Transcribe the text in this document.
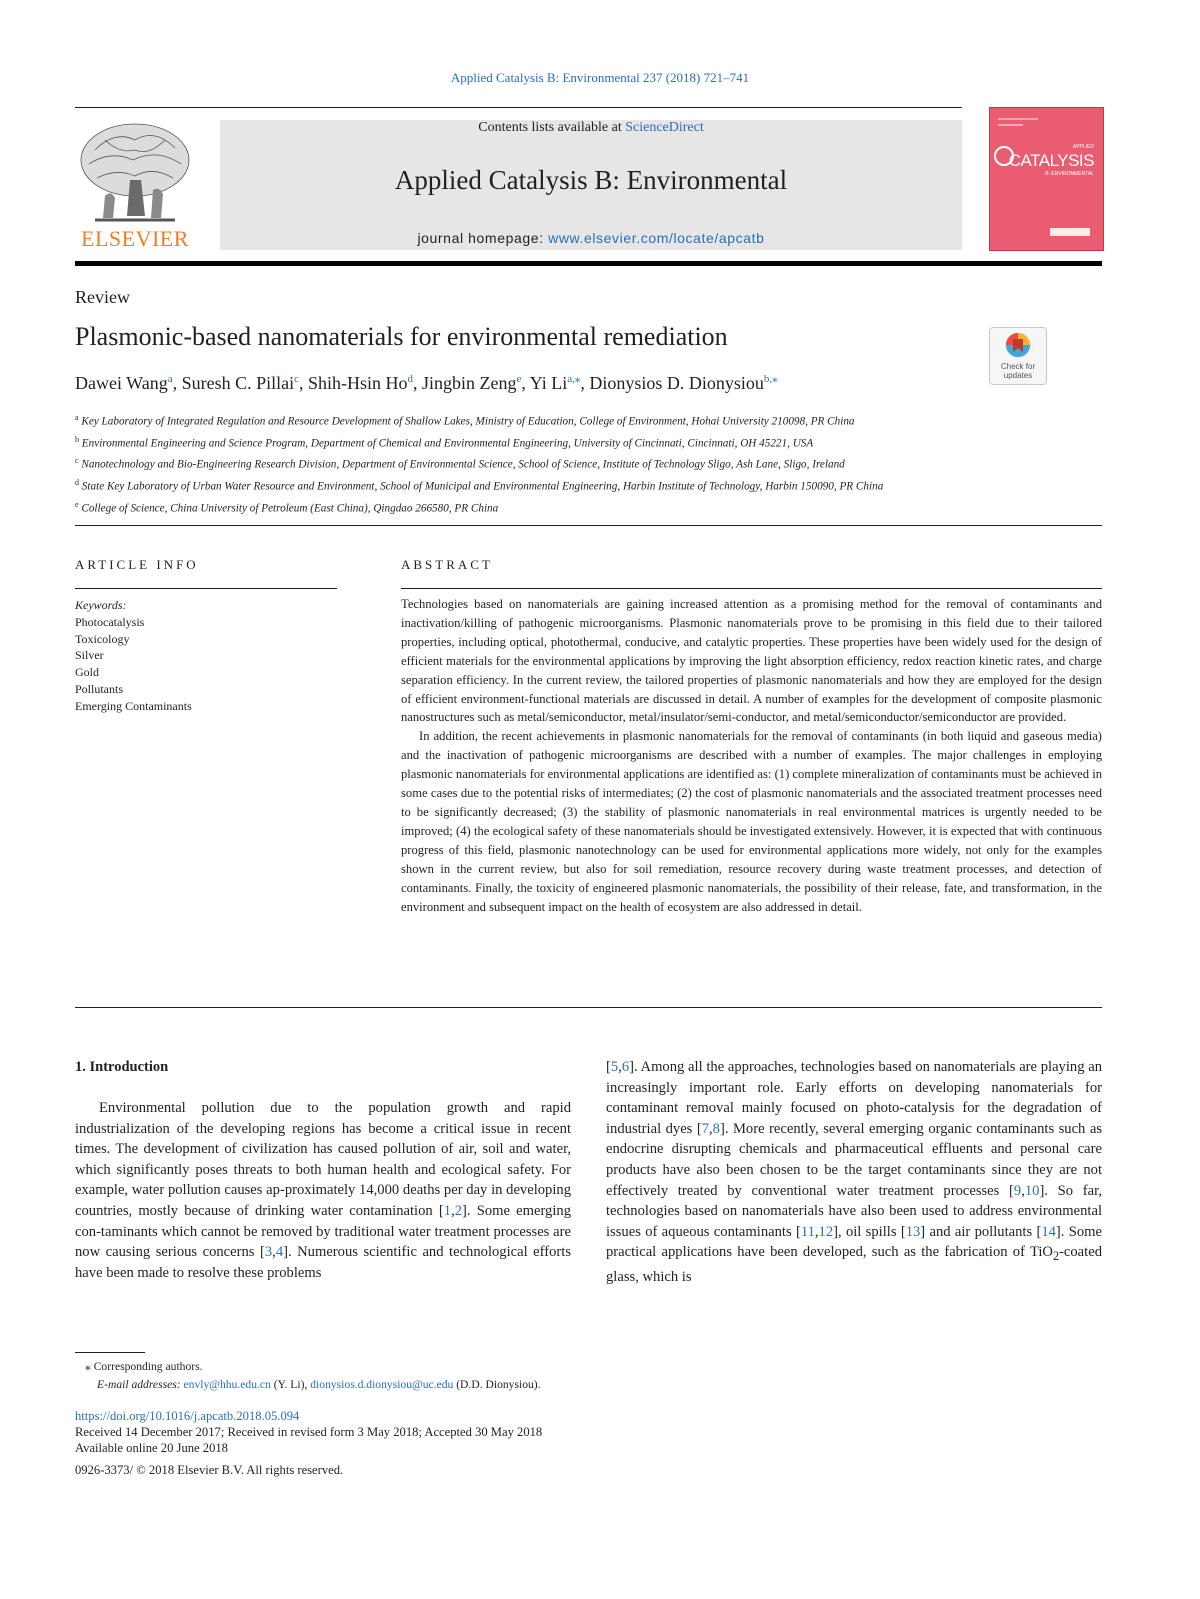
Applied Catalysis B: Environmental 237 (2018) 721–741
ELSEVIER
Contents lists available at ScienceDirect
Applied Catalysis B: Environmental
journal homepage: www.elsevier.com/locate/apcatb
APPLIED
CATALYSIS
B: ENVIRONMENTAL
Review
Plasmonic-based nanomaterials for environmental remediation
Check for updates
Dawei Wang$^a$, Suresh C. Pillai$^c$, Shih-Hsin Ho$^d$, Jingbin Zeng$^e$, Yi $Li^{a,⁎}$, Dionysios D. Dionysiou$^{b,⁎}$
$^a$ Key Laboratory of Integrated Regulation and Resource Development of Shallow Lakes, Ministry of Education, College of Environment, Hohai University 210098, PR China
$^b$ Environmental Engineering and Science Program, Department of Chemical and Environmental Engineering, University of Cincinnati, Cincinnati, OH 45221, USA
$^c$ Nanotechnology and Bio-Engineering Research Division, Department of Environmental Science, School of Science, Institute of Technology Sligo, Ash Lane, Sligo, Ireland
$^d$ State Key Laboratory of Urban Water Resource and Environment, School of Municipal and Environmental Engineering, Harbin Institute of Technology, Harbin 150090, PR China
$^e$ College of Science, China University of Petroleum (East China), Qingdao 266580, PR China
ARTICLE INFO
Keywords:
Photocatalysis
Toxicology
Silver
Gold
Pollutants
Emerging Contaminants
ABSTRACT

Technologies based on nanomaterials are gaining increased attention as a promising method for the removal of contaminants and inactivation/killing of pathogenic microorganisms. Plasmonic nanomaterials prove to be promising in this field due to their tailored properties, including optical, photothermal, conducive, and catalytic properties. These properties have been widely used for the design of efficient materials for the environmental applications by improving the light absorption efficiency, redox reaction kinetic rates, and charge separation efficiency. In the current review, the tailored properties of plasmonic nanomaterials and how they are employed for the design of efficient environment-functional materials are discussed in detail. A number of examples for the development of composite plasmonic nanostructures such as metal/semiconductor, metal/insulator/semi-conductor, and metal/semiconductor/semiconductor are provided.

In addition, the recent achievements in plasmonic nanomaterials for the removal of contaminants (in both liquid and gaseous media) and the inactivation of pathogenic microorganisms are described with a number of examples. The major challenges in employing plasmonic nanomaterials for environmental applications are identified as: (1) complete mineralization of contaminants must be achieved in some cases due to the potential risks of intermediates; (2) the cost of plasmonic nanomaterials and the associated treatment processes need to be significantly decreased; (3) the stability of plasmonic nanomaterials in real environmental matrices is urgently needed to be improved; (4) the ecological safety of these nanomaterials should be investigated extensively. However, it is expected that with continuous progress of this field, plasmonic nanotechnology can be used for environmental applications more widely, not only for the examples shown in the current review, but also for soil remediation, resource recovery during waste treatment processes, and detection of contaminants. Finally, the toxicity of engineered plasmonic nanomaterials, the possibility of their release, fate, and transformation, in the environment and subsequent impact on the health of ecosystem are also addressed in detail.

1. Introduction

Environmental pollution due to the population growth and rapid industrialization of the developing regions has become a critical issue in recent times. The development of civilization has caused pollution of air, soil and water, which significantly poses threats to both human health and ecological safety. For example, water pollution causes ap-proximately 14,000 deaths per day in developing countries, mostly because of drinking water contamination [1,2]. Some emerging con-taminants which cannot be removed by traditional water treatment processes are now causing serious concerns [3,4]. Numerous scientific and technological efforts have been made to resolve these problems

[5,6]. Among all the approaches, technologies based on nanomaterials are playing an increasingly important role. Early efforts on developing nanomaterials for contaminant removal mainly focused on photo-catalysis for the degradation of industrial dyes [7,8]. More recently, several emerging organic contaminants such as endocrine disrupting chemicals and pharmaceutical effluents and personal care products have also been chosen to be the target contaminants since they are not effectively treated by conventional water treatment processes [9,10]. So far, technologies based on nanomaterials have also been used to address environmental issues of aqueous contaminants [11,12], oil spills [13] and air pollutants [14]. Some practical applications have been developed, such as the fabrication of TiO$_2$-coated glass, which is

⁎ Corresponding authors.
E-mail addresses: envly@hhu.edu.cn (Y. Li), dionysios.d.dionysiou@uc.edu (D.D. Dionysiou).
https://doi.org/10.1016/j.apcatb.2018.05.094
Received 14 December 2017; Received in revised form 3 May 2018; Accepted 30 May 2018
Available online 20 June 2018
0926-3373/ © 2018 Elsevier B.V. All rights reserved.
